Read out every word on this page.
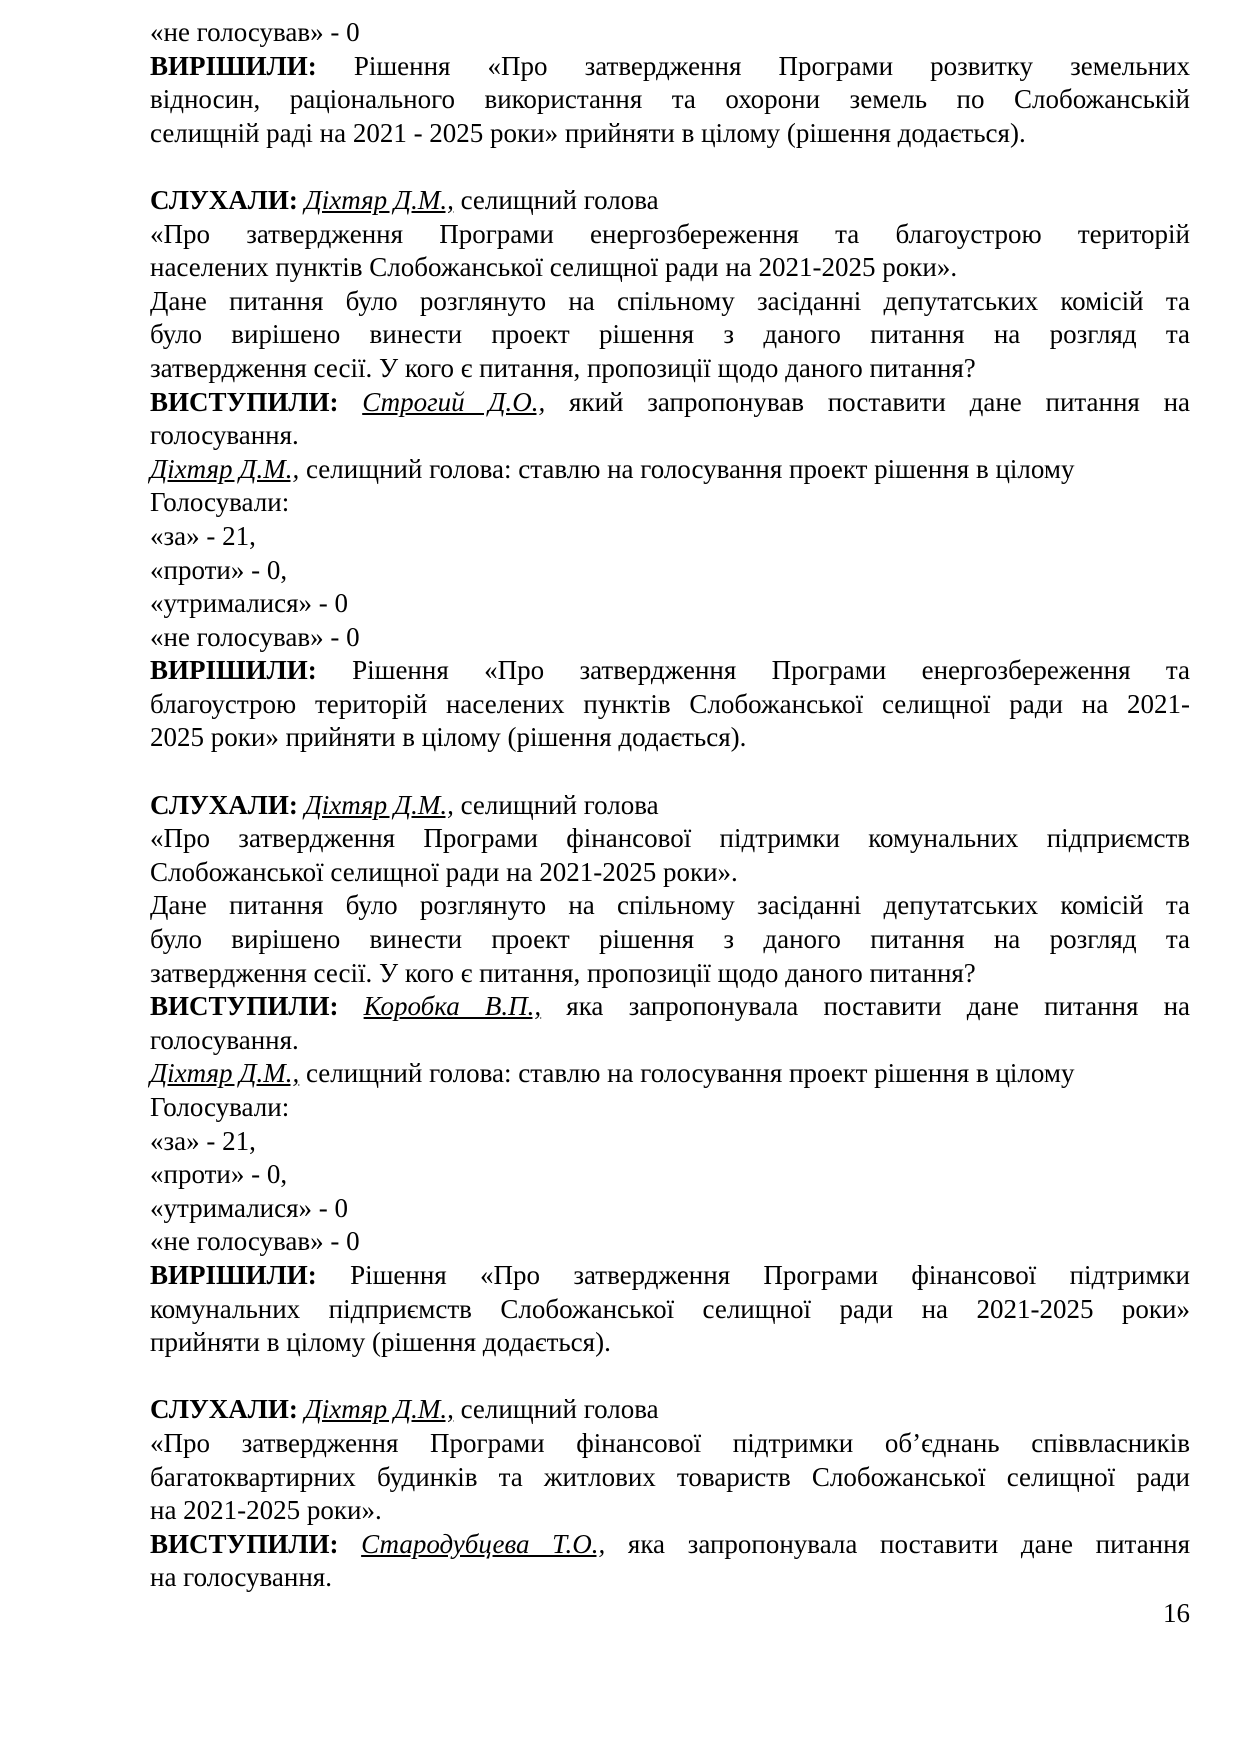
«не голосував» - 0
ВИРІШИЛИ: Рішення «Про затвердження Програми розвитку земельних
відносин, раціонального використання та охорони земель по Слобожанській
селищній раді на 2021 - 2025 роки» прийняти в цілому (рішення додається).
СЛУХАЛИ: Діхтяр Д.М., селищний голова
«Про затвердження Програми енергозбереження та благоустрою територій
населених пунктів Слобожанської селищної ради на 2021-2025 роки».
Дане питання було розглянуто на спільному засіданні депутатських комісій та
було вирішено винести проект рішення з даного питання на розгляд та
затвердження сесії. У кого є питання, пропозиції щодо даного питання?
ВИСТУПИЛИ: Строгий Д.О., який запропонував поставити дане питання на
голосування.
Діхтяр Д.М., селищний голова: ставлю на голосування проект рішення в цілому
Голосували:
«за» - 21,
«проти» - 0,
«утрималися» - 0
«не голосував» - 0
ВИРІШИЛИ: Рішення «Про затвердження Програми енергозбереження та
благоустрою територій населених пунктів Слобожанської селищної ради на 2021-
2025 роки» прийняти в цілому (рішення додається).
СЛУХАЛИ: Діхтяр Д.М., селищний голова
«Про затвердження Програми фінансової підтримки комунальних підприємств
Слобожанської селищної ради на 2021-2025 роки».
Дане питання було розглянуто на спільному засіданні депутатських комісій та
було вирішено винести проект рішення з даного питання на розгляд та
затвердження сесії. У кого є питання, пропозиції щодо даного питання?
ВИСТУПИЛИ: Коробка В.П., яка запропонувала поставити дане питання на
голосування.
Діхтяр Д.М., селищний голова: ставлю на голосування проект рішення в цілому
Голосували:
«за» - 21,
«проти» - 0,
«утрималися» - 0
«не голосував» - 0
ВИРІШИЛИ: Рішення «Про затвердження Програми фінансової підтримки
комунальних підприємств Слобожанської селищної ради на 2021-2025 роки»
прийняти в цілому (рішення додається).
СЛУХАЛИ: Діхтяр Д.М., селищний голова
«Про затвердження Програми фінансової підтримки об’єднань співвласників
багатоквартирних будинків та житлових товариств Слобожанської селищної ради
на 2021-2025 роки».
ВИСТУПИЛИ: Стародубцева Т.О., яка запропонувала поставити дане питання
на голосування.
16
